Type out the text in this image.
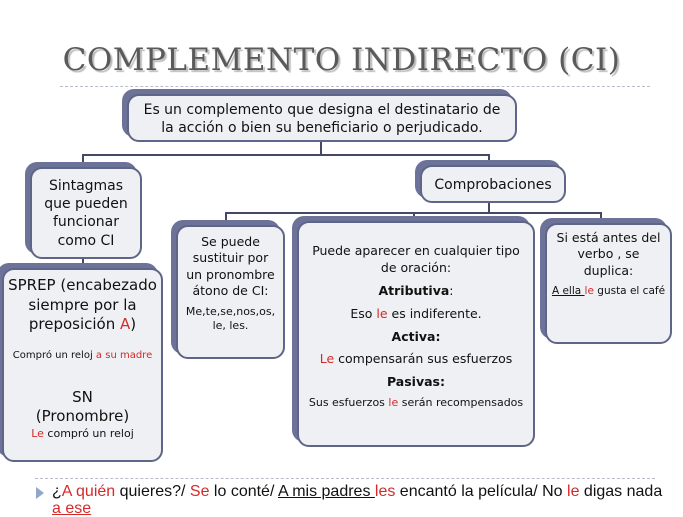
COMPLEMENTO INDIRECTO (CI)
Es un complemento que designa el destinatario de la acción o bien su beneficiario o perjudicado.
Sintagmas que pueden funcionar como CI
Comprobaciones

SPREP (encabezado siempre por la preposición A)

Compró un reloj a su madre

SN

(Pronombre)

Le compró un reloj

Se puede sustituir por un pronombre átono de CI:

Me,te,se,nos,os, le, les.

Puede aparecer en cualquier tipo de oración:

Atributiva:

Eso le es indiferente.

Activa:

Le compensarán sus esfuerzos

Pasivas:

Sus esfuerzos le serán recompensados

Si está antes del verbo , se duplica:

A ella le gusta el café

¿A quién quieres?/ Se lo conté/ A mis padres les encantó la película/ No le digas nada a ese
